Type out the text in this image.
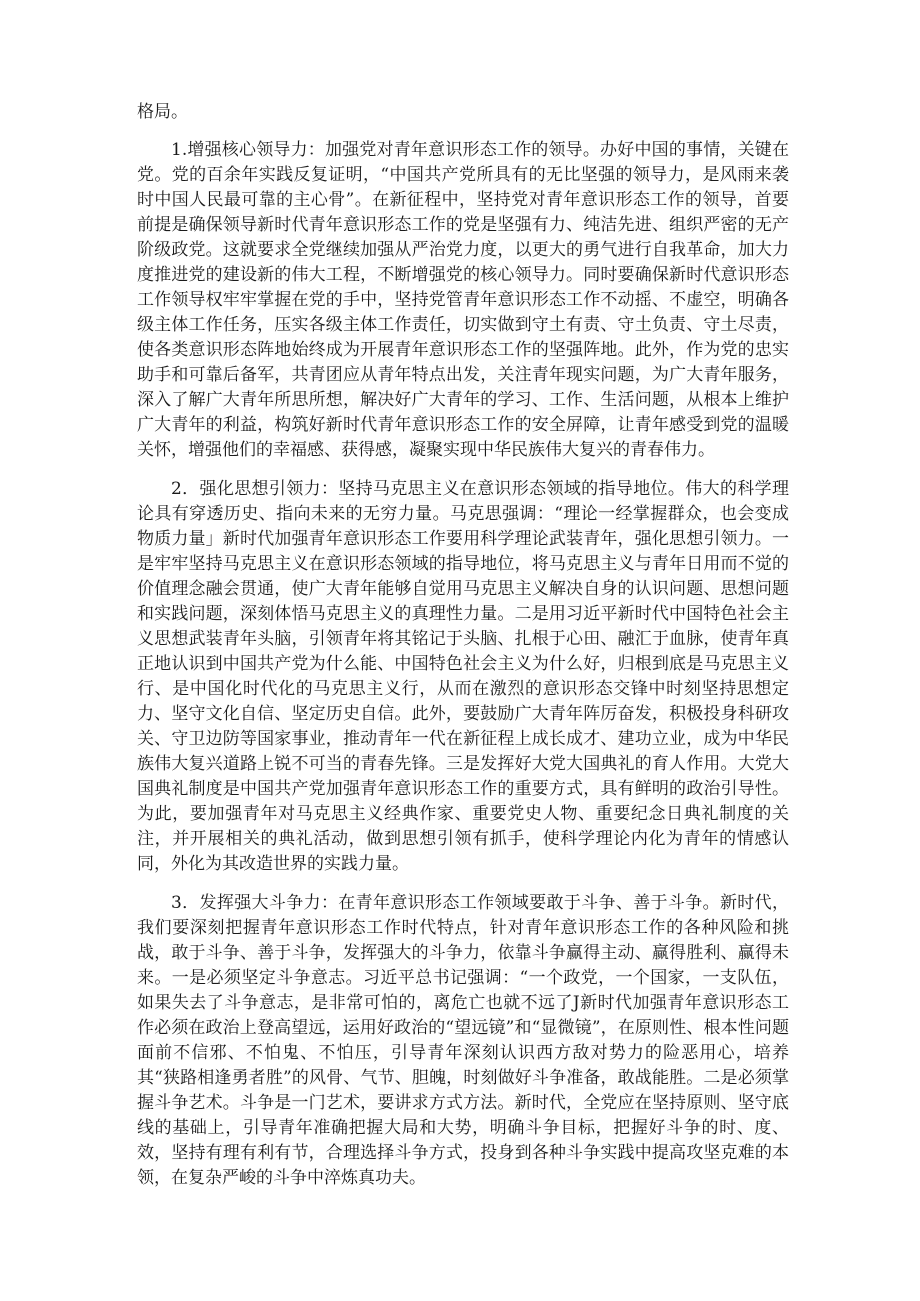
格局。

1.增强核心领导力：加强党对青年意识形态工作的领导。办好中国的事情，关键在党。党的百余年实践反复证明，“中国共产党所具有的无比坚强的领导力，是风雨来袭时中国人民最可靠的主心骨”。在新征程中，坚持党对青年意识形态工作的领导，首要前提是确保领导新时代青年意识形态工作的党是坚强有力、纯洁先进、组织严密的无产阶级政党。这就要求全党继续加强从严治党力度，以更大的勇气进行自我革命，加大力度推进党的建设新的伟大工程，不断增强党的核心领导力。同时要确保新时代意识形态工作领导权牢牢掌握在党的手中，坚持党管青年意识形态工作不动摇、不虚空，明确各级主体工作任务，压实各级主体工作责任，切实做到守土有责、守土负责、守土尽责，使各类意识形态阵地始终成为开展青年意识形态工作的坚强阵地。此外，作为党的忠实助手和可靠后备军，共青团应从青年特点出发，关注青年现实问题，为广大青年服务，深入了解广大青年所思所想，解决好广大青年的学习、工作、生活问题，从根本上维护广大青年的利益，构筑好新时代青年意识形态工作的安全屏障，让青年感受到党的温暖关怀，增强他们的幸福感、获得感，凝聚实现中华民族伟大复兴的青春伟力。

2．强化思想引领力：坚持马克思主义在意识形态领域的指导地位。伟大的科学理论具有穿透历史、指向未来的无穷力量。马克思强调：“理论一经掌握群众，也会变成物质力量」新时代加强青年意识形态工作要用科学理论武装青年，强化思想引领力。一是牢牢坚持马克思主义在意识形态领域的指导地位，将马克思主义与青年日用而不觉的价值理念融会贯通，使广大青年能够自觉用马克思主义解决自身的认识问题、思想问题和实践问题，深刻体悟马克思主义的真理性力量。二是用习近平新时代中国特色社会主义思想武装青年头脑，引领青年将其铭记于头脑、扎根于心田、融汇于血脉，使青年真正地认识到中国共产党为什么能、中国特色社会主义为什么好，归根到底是马克思主义行、是中国化时代化的马克思主义行，从而在激烈的意识形态交锋中时刻坚持思想定力、坚守文化自信、坚定历史自信。此外，要鼓励广大青年阵厉奋发，积极投身科研攻关、守卫边防等国家事业，推动青年一代在新征程上成长成才、建功立业，成为中华民族伟大复兴道路上锐不可当的青春先锋。三是发挥好大党大国典礼的育人作用。大党大国典礼制度是中国共产党加强青年意识形态工作的重要方式，具有鲜明的政治引导性。为此，要加强青年对马克思主义经典作家、重要党史人物、重要纪念日典礼制度的关注，并开展相关的典礼活动，做到思想引领有抓手，使科学理论内化为青年的情感认同，外化为其改造世界的实践力量。

3．发挥强大斗争力：在青年意识形态工作领域要敢于斗争、善于斗争。新时代，我们要深刻把握青年意识形态工作时代特点，针对青年意识形态工作的各种风险和挑战，敢于斗争、善于斗争，发挥强大的斗争力，依靠斗争赢得主动、赢得胜利、赢得未来。一是必须坚定斗争意志。习近平总书记强调：“一个政党，一个国家，一支队伍，如果失去了斗争意志，是非常可怕的，离危亡也就不远了J新时代加强青年意识形态工作必须在政治上登高望远，运用好政治的“望远镜”和“显微镜”，在原则性、根本性问题面前不信邪、不怕鬼、不怕压，引导青年深刻认识西方敌对势力的险恶用心，培养其“狭路相逢勇者胜”的风骨、气节、胆魄，时刻做好斗争准备，敢战能胜。二是必须掌握斗争艺术。斗争是一门艺术，要讲求方式方法。新时代，全党应在坚持原则、坚守底线的基础上，引导青年准确把握大局和大势，明确斗争目标，把握好斗争的时、度、效，坚持有理有利有节，合理选择斗争方式，投身到各种斗争实践中提高攻坚克难的本领，在复杂严峻的斗争中淬炼真功夫。
